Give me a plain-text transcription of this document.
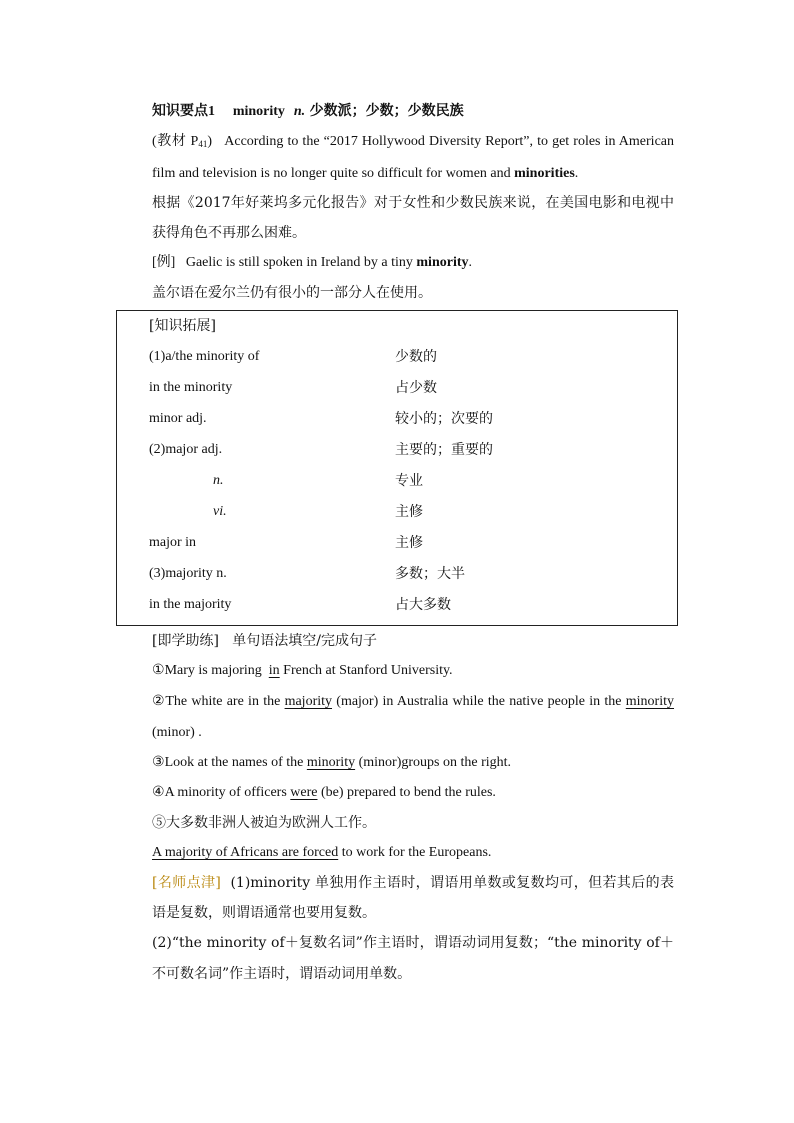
知识要点1 minority n. 少数派；少数；少数民族
(教材 $P_{41}$) According to the “2017 Hollywood Diversity Report”, to get roles in American film and television is no longer quite so difficult for women and minorities.
根据《2017年好莱坞多元化报告》对于女性和少数民族来说，在美国电影和电视中获得角色不再那么困难。
[例] Gaelic is still spoken in Ireland by a tiny minority.
盖尔语在爱尔兰仍有很小的一部分人在使用。
[知识拓展]
(1)a/the minority of	少数的
in the minority	占少数
minor adj.	较小的；次要的
(2)major adj.	主要的；重要的
n.	专业
vi.	主修
major in	主修
(3)majority n.	多数；大半
in the majority	占大多数
[即学助练] 单句语法填空/完成句子
①Mary is majoring in French at Stanford University.
②The white are in the majority (major) in Australia while the native people in the minority (minor) .
③Look at the names of the minority (minor)groups on the right.
④A minority of officers were (be) prepared to bend the rules.
⑤大多数非洲人被迫为欧洲人工作。
A majority of Africans are forced to work for the Europeans.
[名师点津] (1)minority 单独用作主语时，谓语用单数或复数均可，但若其后的表语是复数，则谓语通常也要用复数。
(2)“the minority of＋复数名词”作主语时，谓语动词用复数；“the minority of＋不可数名词”作主语时，谓语动词用单数。
